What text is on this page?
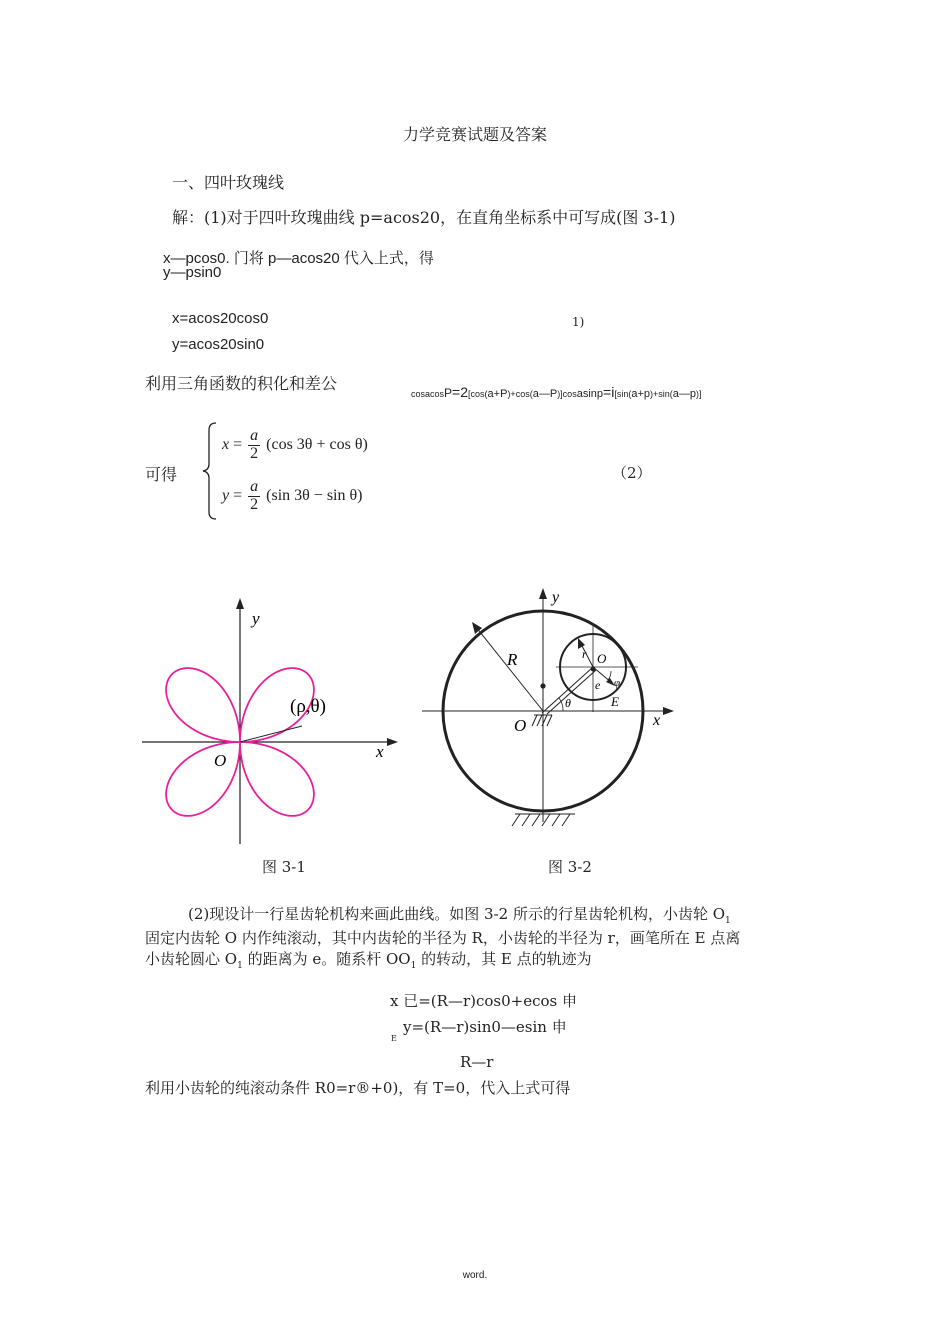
力学竞赛试题及答案
一、四叶玫瑰线
解：(1)对于四叶玫瑰曲线 p=acos20，在直角坐标系中可写成(图 3-1)
x—pcos0. 门将 p—acos20 代入上式，得
y—psin0
x=acos20cos0
y=acos20sin0
1)
利用三角函数的积化和差公
cosacosP=2[cos(a+P)+cos(a—P)]cosasinp=i[sin(a+p)+sin(a—p)]
可得
$x = \frac{a}{2} (\cos$ 3θ + cos θ)
$y = \frac{a}{2} (\sin$ 3θ − sin θ)
（2）
y
x
O
(ρ,θ)
图 3-1
y
x
R	r O
e φ
E
θ
O
图 3-2
(2)现设计一行星齿轮机构来画此曲线。如图 3-2 所示的行星齿轮机构，小齿轮 $O_1$
固定内齿轮 O 内作纯滚动，其中内齿轮的半径为 R，小齿轮的半径为 r，画笔所在 E 点离
小齿轮圆心 $O_1$ 的距离为 e。随系杆 $OO_1$ 的转动，其 E 点的轨迹为
x 已=(R—r)cos0+ecos 申
y=(R—r)sin0—esin 申
E
R—r
利用小齿轮的纯滚动条件 R0=r®+0)，有 T=0，代入上式可得
word.
